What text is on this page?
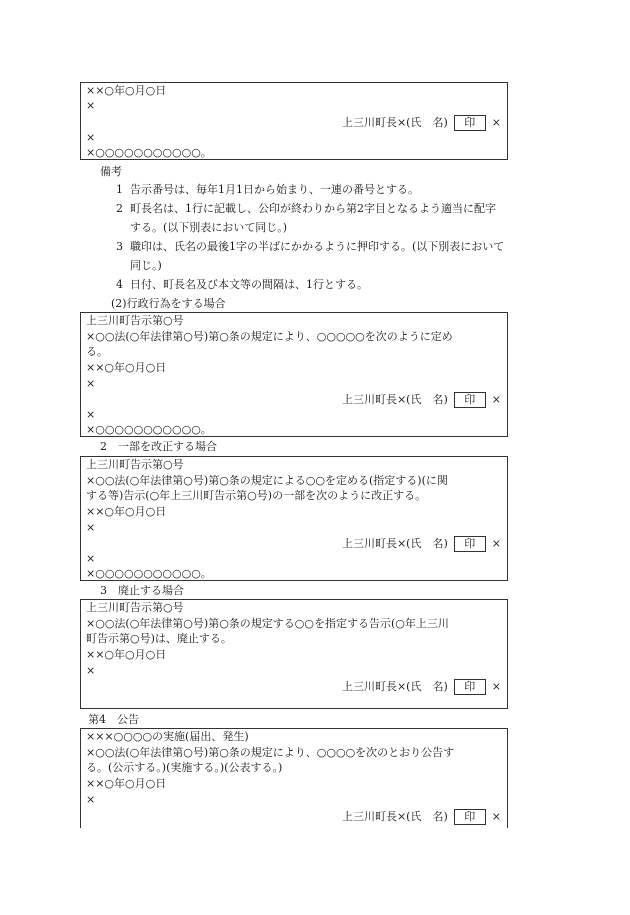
××○年○月○日
×
上三川町長×(氏　名) 印 ×
×
×○○○○○○○○○○○。
備考
1 告示番号は、毎年1月1日から始まり、一連の番号とする。
2 町長名は、1行に記載し、公印が終わりから第2字目となるよう適当に配字する。(以下別表において同じ。)
3 職印は、氏名の最後1字の半ばにかかるように押印する。(以下別表において同じ。)
4 日付、町長名及び本文等の間隔は、1行とする。
(2)行政行為をする場合
上三川町告示第○号
×○○法(○年法律第○号)第○条の規定により、○○○○○を次のように定め
る。
××○年○月○日
×
上三川町長×(氏　名) 印 ×
×
×○○○○○○○○○○○。
2　一部を改正する場合
上三川町告示第○号
×○○法(○年法律第○号)第○条の規定による○○を定める(指定する)(に関
する等)告示(○年上三川町告示第○号)の一部を次のように改正する。
××○年○月○日
×
上三川町長×(氏　名) 印 ×
×
×○○○○○○○○○○○。
3　廃止する場合
上三川町告示第○号
×○○法(○年法律第○号)第○条の規定する○○を指定する告示(○年上三川
町告示第○号)は、廃止する。
××○年○月○日
×
上三川町長×(氏　名) 印 ×
第4　公告
×××○○○○の実施(届出、発生)
×○○法(○年法律第○号)第○条の規定により、○○○○を次のとおり公告す
る。(公示する。)(実施する。)(公表する。)
××○年○月○日
×
上三川町長×(氏　名) 印 ×
